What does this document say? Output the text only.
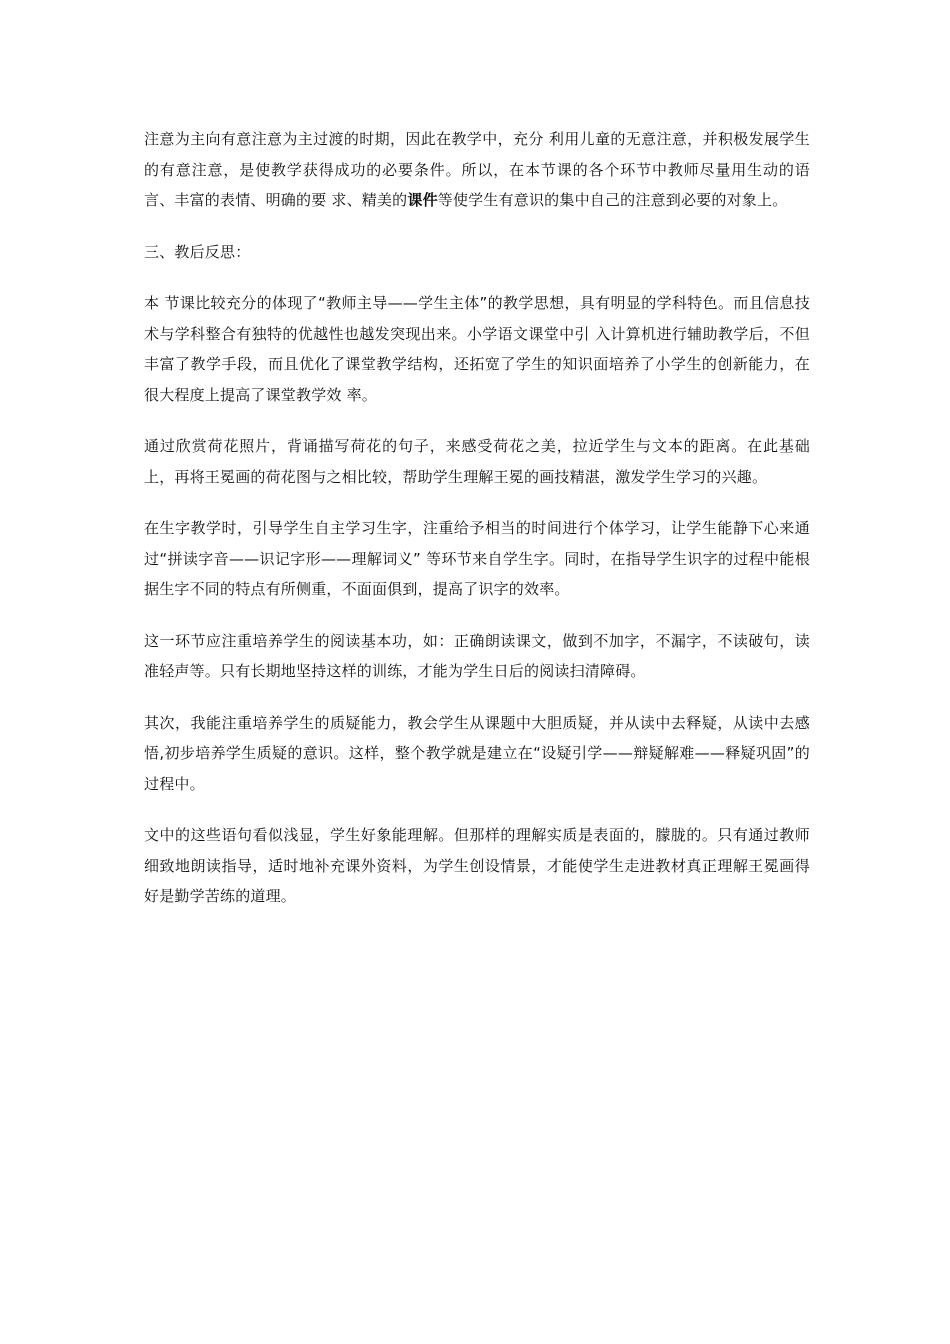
注意为主向有意注意为主过渡的时期，因此在教学中，充分 利用儿童的无意注意，并积极发展学生的有意注意，是使教学获得成功的必要条件。所以，在本节课的各个环节中教师尽量用生动的语言、丰富的表情、明确的要 求、精美的课件等使学生有意识的集中自己的注意到必要的对象上。

三、教后反思：

本 节课比较充分的体现了“教师主导——学生主体”的教学思想，具有明显的学科特色。而且信息技术与学科整合有独特的优越性也越发突现出来。小学语文课堂中引 入计算机进行辅助教学后，不但丰富了教学手段，而且优化了课堂教学结构，还拓宽了学生的知识面培养了小学生的创新能力，在很大程度上提高了课堂教学效 率。

通过欣赏荷花照片，背诵描写荷花的句子，来感受荷花之美，拉近学生与文本的距离。在此基础上，再将王冕画的荷花图与之相比较，帮助学生理解王冕的画技精湛，激发学生学习的兴趣。

在生字教学时，引导学生自主学习生字，注重给予相当的时间进行个体学习，让学生能静下心来通过“拼读字音——识记字形——理解词义” 等环节来自学生字。同时，在指导学生识字的过程中能根据生字不同的特点有所侧重，不面面俱到，提高了识字的效率。

这一环节应注重培养学生的阅读基本功，如：正确朗读课文，做到不加字，不漏字，不读破句，读准轻声等。只有长期地坚持这样的训练，才能为学生日后的阅读扫清障碍。

其次，我能注重培养学生的质疑能力，教会学生从课题中大胆质疑，并从读中去释疑，从读中去感悟,初步培养学生质疑的意识。这样，整个教学就是建立在“设疑引学——辩疑解难——释疑巩固”的过程中。

文中的这些语句看似浅显，学生好象能理解。但那样的理解实质是表面的，朦胧的。只有通过教师细致地朗读指导，适时地补充课外资料，为学生创设情景，才能使学生走进教材真正理解王冕画得好是勤学苦练的道理。
